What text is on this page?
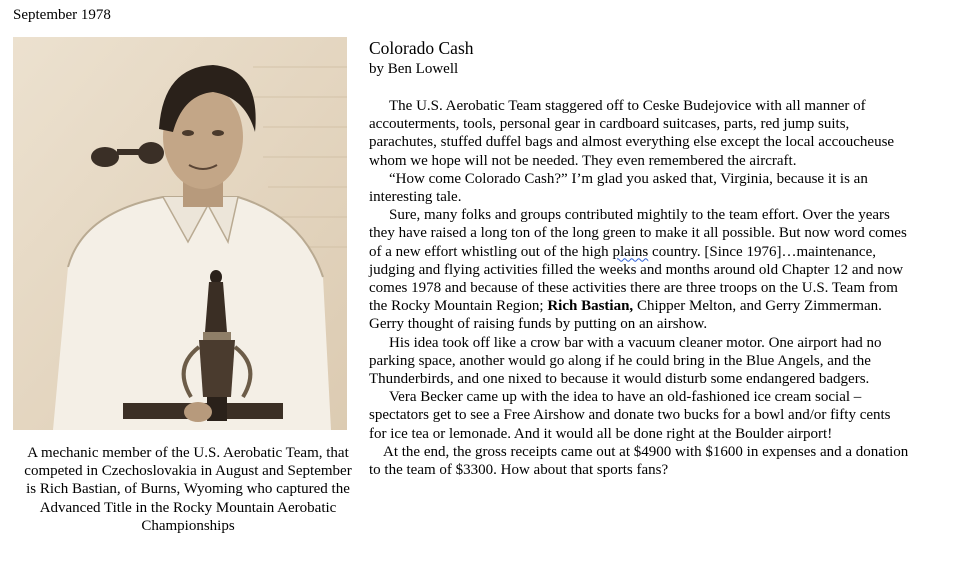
September 1978
A mechanic member of the U.S. Aerobatic Team, that competed in Czechoslovakia in August and September is Rich Bastian, of Burns, Wyoming who captured the Advanced Title in the Rocky Mountain Aerobatic Championships
Colorado Cash
by Ben Lowell

The U.S. Aerobatic Team staggered off to Ceske Budejovice with all manner of accouterments, tools, personal gear in cardboard suitcases, parts, red jump suits, parachutes, stuffed duffel bags and almost everything else except the local accoucheuse whom we hope will not be needed. They even remembered the aircraft.

“How come Colorado Cash?” I’m glad you asked that, Virginia, because it is an interesting tale.

Sure, many folks and groups contributed mightily to the team effort. Over the years they have raised a long ton of the long green to make it all possible. But now word comes of a new effort whistling out of the high plains country. [Since 1976]…maintenance, judging and flying activities filled the weeks and months around old Chapter 12 and now comes 1978 and because of these activities there are three troops on the U.S. Team from the Rocky Mountain Region; Rich Bastian, Chipper Melton, and Gerry Zimmerman. Gerry thought of raising funds by putting on an airshow.

His idea took off like a crow bar with a vacuum cleaner motor. One airport had no parking space, another would go along if he could bring in the Blue Angels, and the Thunderbirds, and one nixed to because it would disturb some endangered badgers.

Vera Becker came up with the idea to have an old-fashioned ice cream social – spectators get to see a Free Airshow and donate two bucks for a bowl and/or fifty cents for ice tea or lemonade. And it would all be done right at the Boulder airport!

At the end, the gross receipts came out at $4900 with $1600 in expenses and a donation to the team of $3300. How about that sports fans?
